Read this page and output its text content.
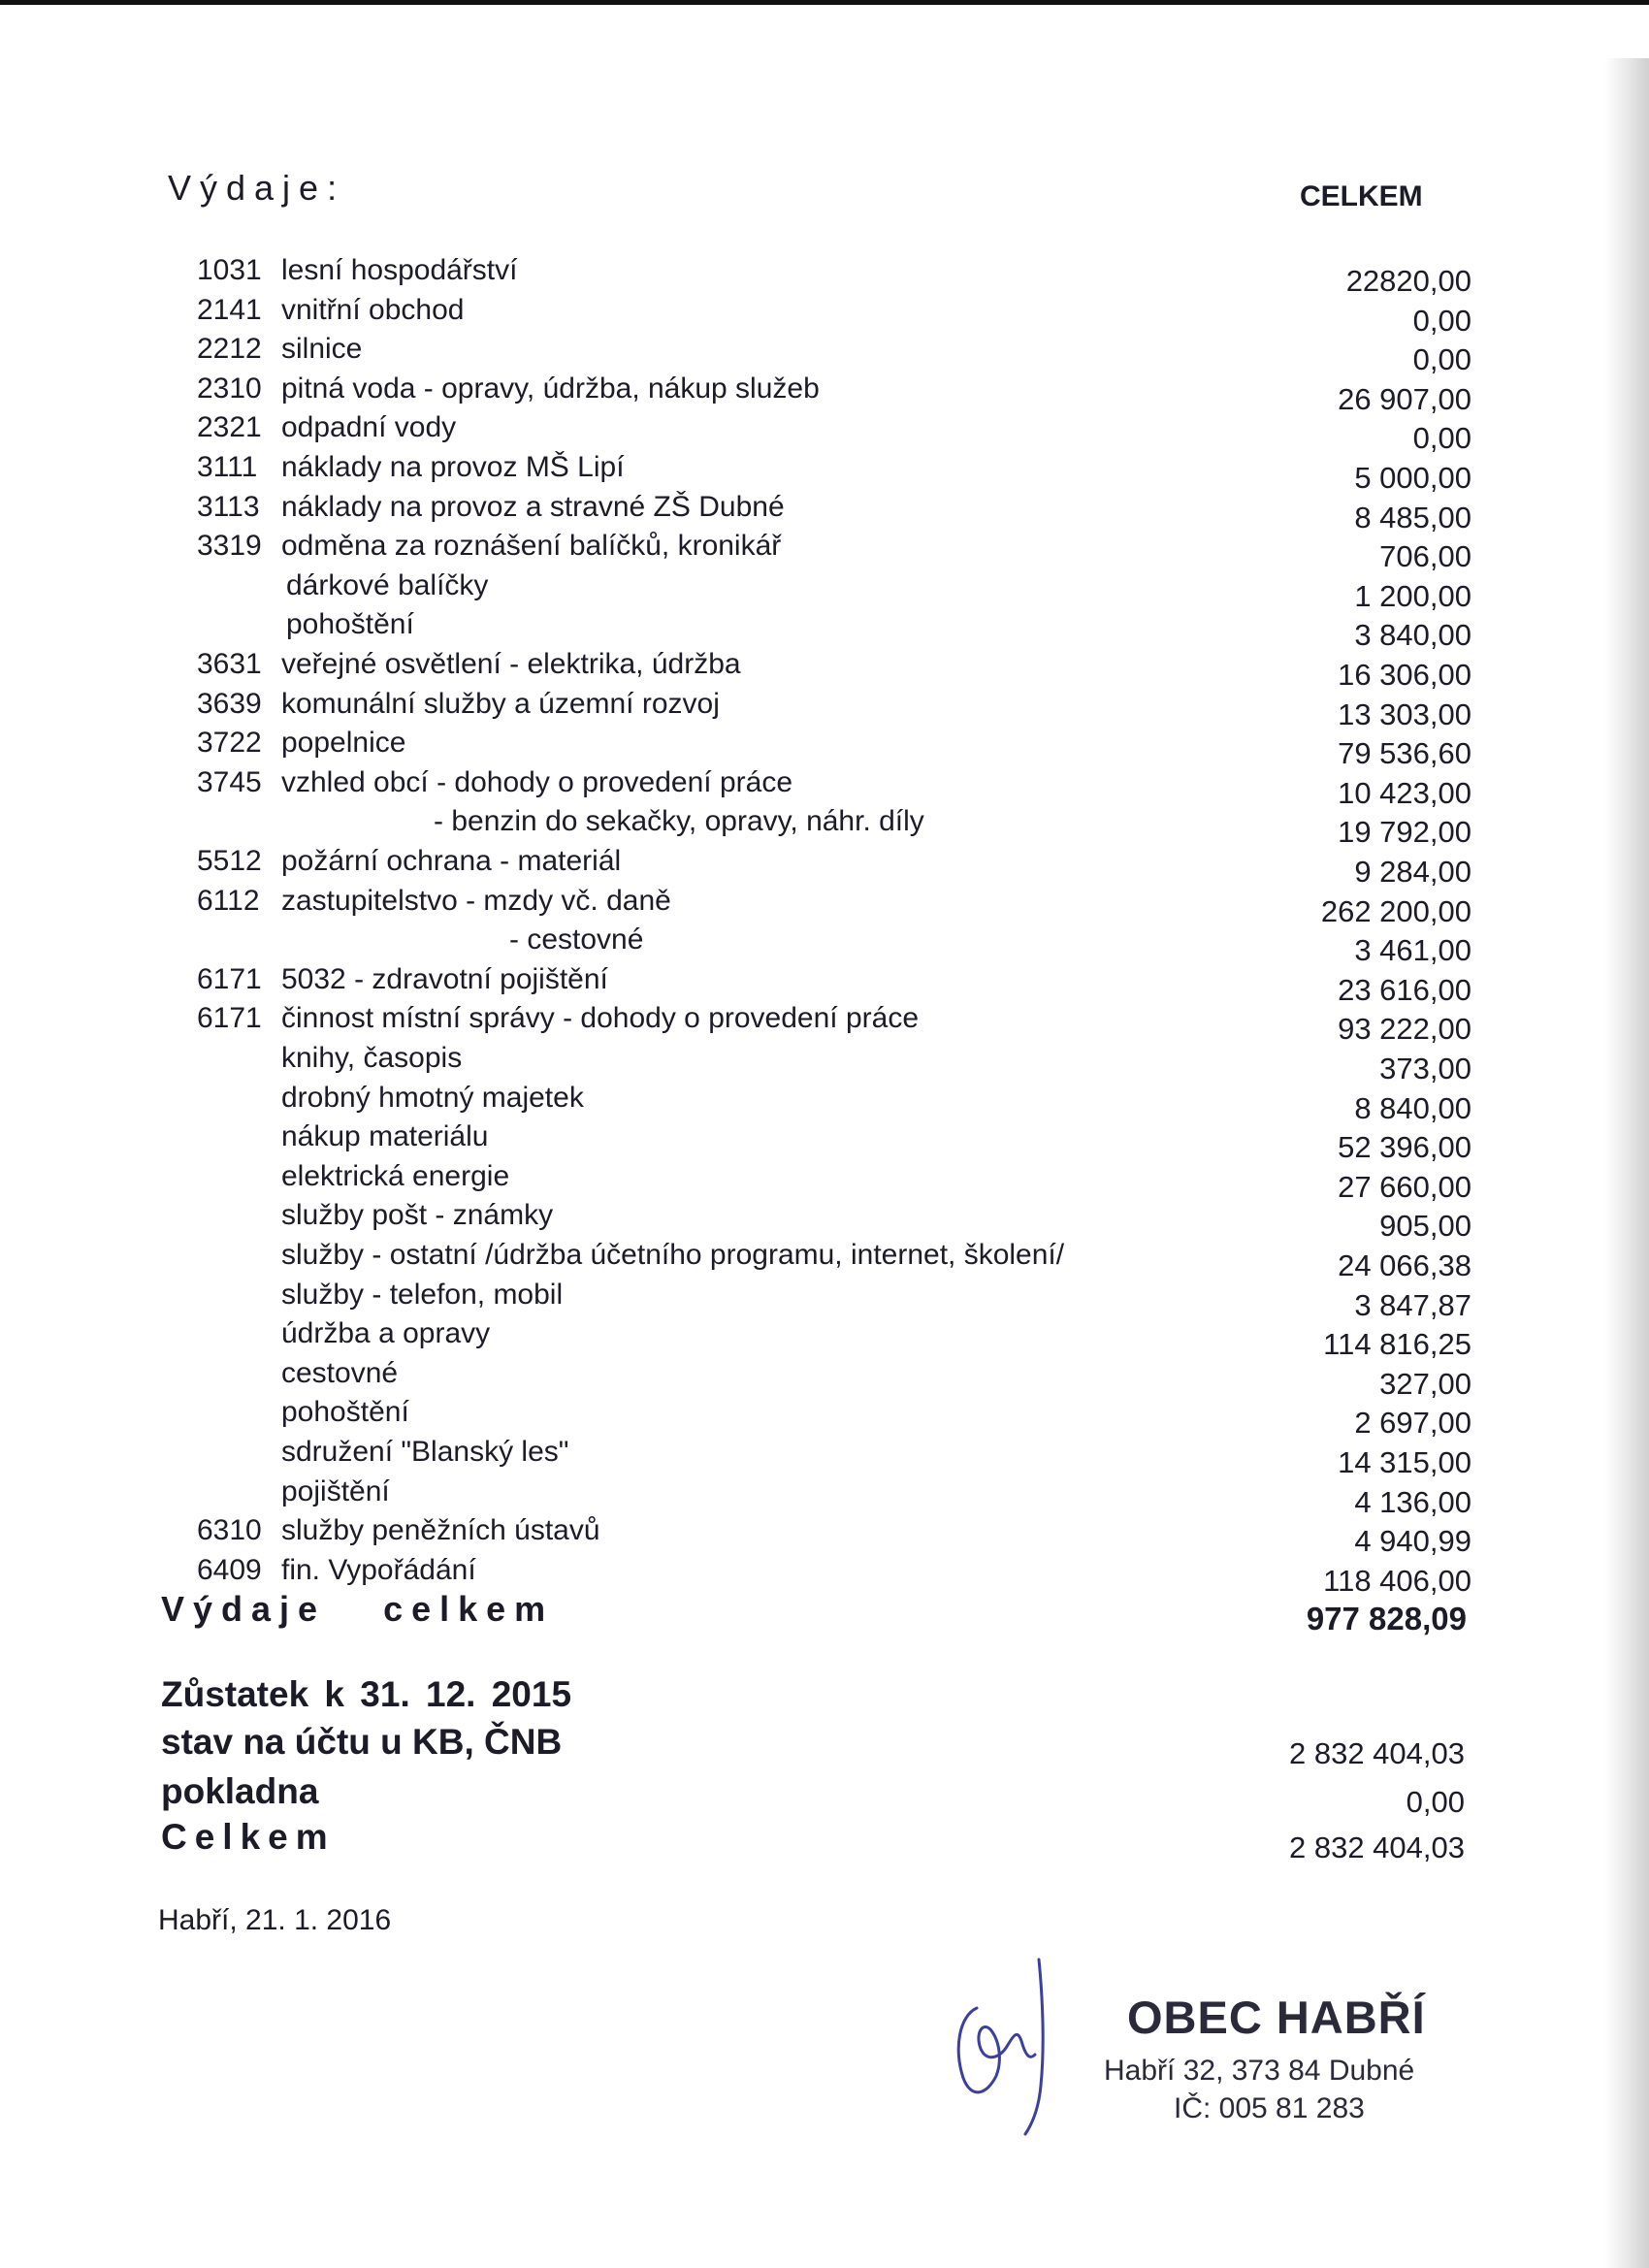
Výdaje:	CELKEM
1031 lesní hospodářství	22820,00
2141 vnitřní obchod	0,00
2212 silnice	0,00
2310 pitná voda - opravy, údržba, nákup služeb	26 907,00
2321 odpadní vody	0,00
3111 náklady na provoz MŠ Lipí	5 000,00
3113 náklady na provoz a stravné ZŠ Dubné	8 485,00
3319 odměna za roznášení balíčků, kronikář	706,00
dárkové balíčky	1 200,00
pohoštění	3 840,00
3631 veřejné osvětlení - elektrika, údržba	16 306,00
3639 komunální služby a územní rozvoj	13 303,00
3722 popelnice	79 536,60
3745 vzhled obcí - dohody o provedení práce	10 423,00
- benzin do sekačky, opravy, náhr. díly	19 792,00
5512 požární ochrana - materiál	9 284,00
6112 zastupitelstvo - mzdy vč. daně	262 200,00
- cestovné	3 461,00
6171 5032 - zdravotní pojištění	23 616,00
6171 činnost místní správy - dohody o provedení práce	93 222,00
knihy, časopis	373,00
drobný hmotný majetek	8 840,00
nákup materiálu	52 396,00
elektrická energie	27 660,00
služby pošt - známky	905,00
služby - ostatní /údržba účetního programu, internet, školení/	24 066,38
služby - telefon, mobil	3 847,87
údržba a opravy	114 816,25
cestovné	327,00
pohoštění	2 697,00
sdružení "Blanský les"	14 315,00
pojištění	4 136,00
6310 služby peněžních ústavů	4 940,99
6409 fin. Vypořádání	118 406,00
Výdaje celkem	977 828,09
Zůstatek k 31. 12. 2015
stav na účtu u KB, ČNB	2 832 404,03
pokladna	0,00
Celkem	2 832 404,03
Habří, 21. 1. 2016
OBEC HABŘÍ
Habří 32, 373 84 Dubné
IČ: 005 81 283
